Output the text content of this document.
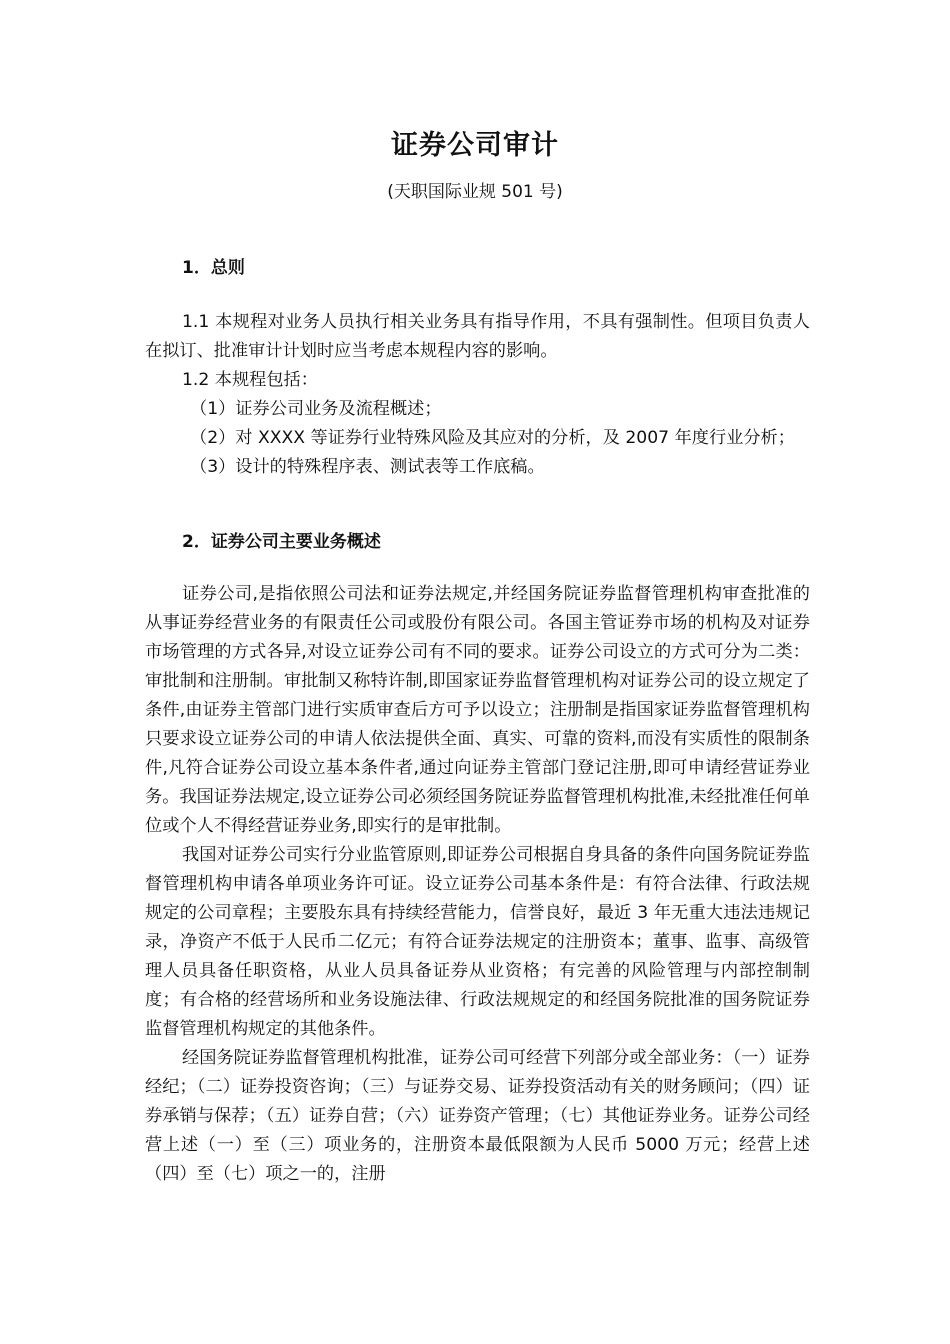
证券公司审计
(天职国际业规 501 号)
1．总则

1.1 本规程对业务人员执行相关业务具有指导作用，不具有强制性。但项目负责人在拟订、批准审计计划时应当考虑本规程内容的影响。

1.2 本规程包括：

（1）证券公司业务及流程概述；

（2）对 XXXX 等证券行业特殊风险及其应对的分析，及 2007 年度行业分析；

（3）设计的特殊程序表、测试表等工作底稿。

2．证券公司主要业务概述

证券公司,是指依照公司法和证券法规定,并经国务院证券监督管理机构审查批准的从事证券经营业务的有限责任公司或股份有限公司。各国主管证券市场的机构及对证券市场管理的方式各异,对设立证券公司有不同的要求。证券公司设立的方式可分为二类：审批制和注册制。审批制又称特许制,即国家证券监督管理机构对证券公司的设立规定了条件,由证券主管部门进行实质审查后方可予以设立；注册制是指国家证券监督管理机构只要求设立证券公司的申请人依法提供全面、真实、可靠的资料,而没有实质性的限制条件,凡符合证券公司设立基本条件者,通过向证券主管部门登记注册,即可申请经营证券业务。我国证券法规定,设立证券公司必须经国务院证券监督管理机构批准,未经批准任何单位或个人不得经营证券业务,即实行的是审批制。

我国对证券公司实行分业监管原则,即证券公司根据自身具备的条件向国务院证券监督管理机构申请各单项业务许可证。设立证券公司基本条件是：有符合法律、行政法规规定的公司章程；主要股东具有持续经营能力，信誉良好，最近 3 年无重大违法违规记录，净资产不低于人民币二亿元；有符合证券法规定的注册资本；董事、监事、高级管理人员具备任职资格，从业人员具备证券从业资格；有完善的风险管理与内部控制制度；有合格的经营场所和业务设施法律、行政法规规定的和经国务院批准的国务院证券监督管理机构规定的其他条件。

经国务院证券监督管理机构批准，证券公司可经营下列部分或全部业务：（一）证券经纪；（二）证券投资咨询；（三）与证券交易、证券投资活动有关的财务顾问；（四）证券承销与保荐；（五）证券自营；（六）证券资产管理；（七）其他证券业务。证券公司经营上述（一）至（三）项业务的，注册资本最低限额为人民币 5000 万元；经营上述（四）至（七）项之一的，注册
